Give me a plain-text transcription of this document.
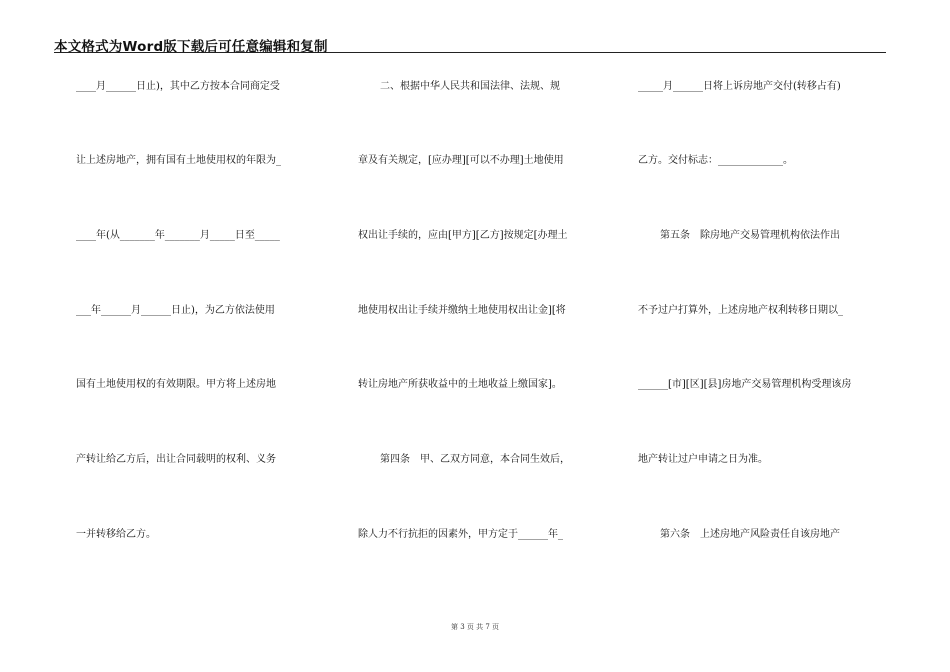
本文格式为Word版下载后可任意编辑和复制
____月______日止)，其中乙方按本合同商定受
让上述房地产，拥有国有土地使用权的年限为_
____年(从_______年_______月_____日至_____
___年______月______日止)，为乙方依法使用
国有土地使用权的有效期限。甲方将上述房地
产转让给乙方后，出让合同载明的权利、义务
一并转移给乙方。
二、根据中华人民共和国法律、法规、规
章及有关规定，[应办理][可以不办理]土地使用
权出让手续的，应由[甲方][乙方]按规定[办理土
地使用权出让手续并缴纳土地使用权出让金][将
转让房地产所获收益中的土地收益上缴国家]。
第四条　甲、乙双方同意，本合同生效后，
除人力不行抗拒的因素外，甲方定于______年_
_____月______日将上诉房地产交付(转移占有)
乙方。交付标志：_____________。
第五条　除房地产交易管理机构依法作出
不予过户打算外，上述房地产权利转移日期以_
______[市][区][县]房地产交易管理机构受理该房
地产转让过户申请之日为准。
第六条　上述房地产风险责任自该房地产
第 3 页 共 7 页
